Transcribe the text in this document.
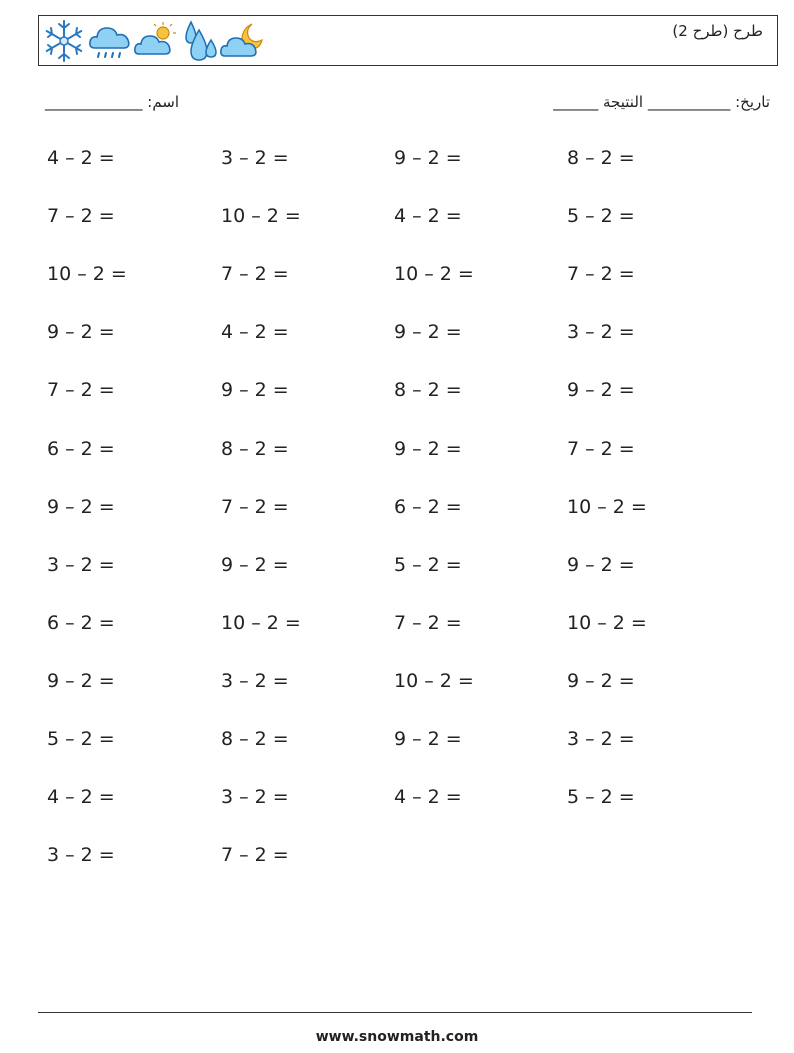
طرح (طرح 2)
اسم: _____________	تاريخ: ___________ النتيجة ______
4 – 2 =	3 – 2 =	9 – 2 =	8 – 2 =
7 – 2 =	10 – 2 =	4 – 2 =	5 – 2 =
10 – 2 =	7 – 2 =	10 – 2 =	7 – 2 =
9 – 2 =	4 – 2 =	9 – 2 =	3 – 2 =
7 – 2 =	9 – 2 =	8 – 2 =	9 – 2 =
6 – 2 =	8 – 2 =	9 – 2 =	7 – 2 =
9 – 2 =	7 – 2 =	6 – 2 =	10 – 2 =
3 – 2 =	9 – 2 =	5 – 2 =	9 – 2 =
6 – 2 =	10 – 2 =	7 – 2 =	10 – 2 =
9 – 2 =	3 – 2 =	10 – 2 =	9 – 2 =
5 – 2 =	8 – 2 =	9 – 2 =	3 – 2 =
4 – 2 =	3 – 2 =	4 – 2 =	5 – 2 =
3 – 2 =	7 – 2 =
www.snowmath.com
